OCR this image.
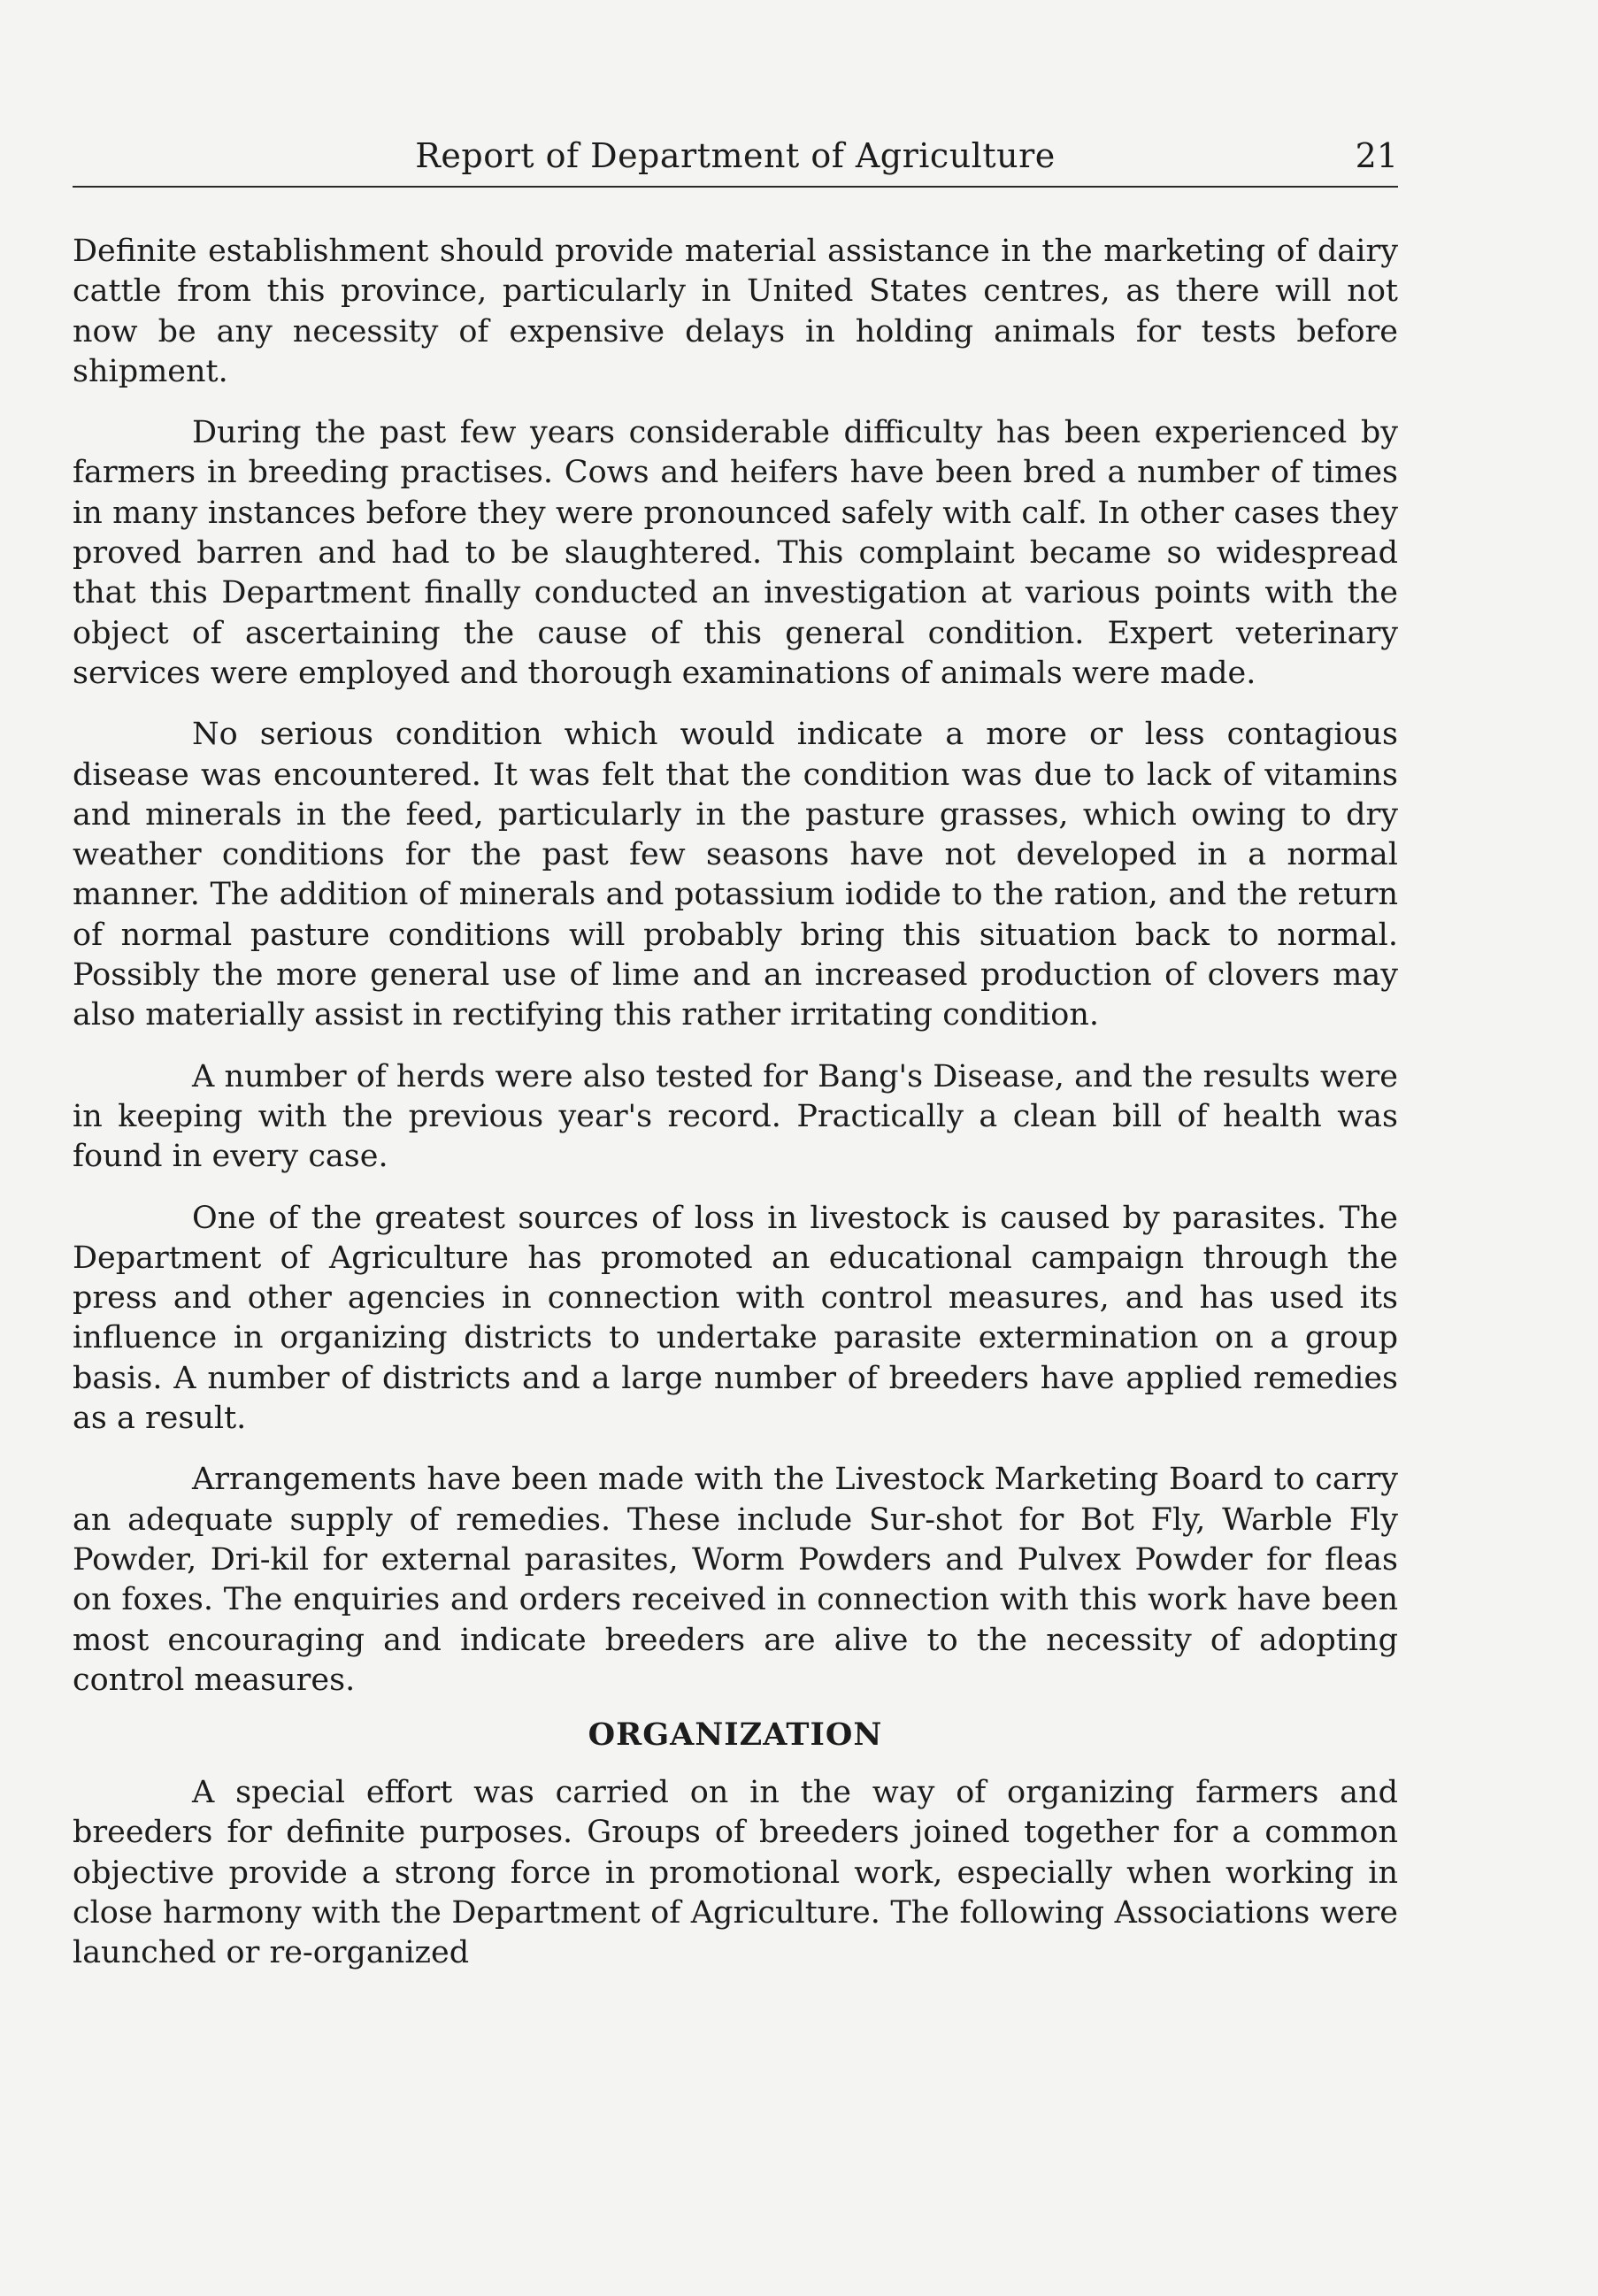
Report of Department of Agriculture	21

Definite establishment should provide material assistance in the marketing of dairy cattle from this province, particularly in United States centres, as there will not now be any necessity of expensive delays in holding animals for tests before shipment.

During the past few years considerable difficulty has been experienced by farmers in breeding practises. Cows and heifers have been bred a number of times in many instances before they were pronounced safely with calf. In other cases they proved barren and had to be slaughtered. This complaint became so widespread that this Department finally conducted an investigation at various points with the object of ascertaining the cause of this general condition. Expert veterinary services were employed and thorough examinations of animals were made.

No serious condition which would indicate a more or less contagious disease was encountered. It was felt that the condition was due to lack of vitamins and minerals in the feed, particularly in the pasture grasses, which owing to dry weather conditions for the past few seasons have not developed in a normal manner. The addition of minerals and potassium iodide to the ration, and the return of normal pasture conditions will probably bring this situation back to normal. Possibly the more general use of lime and an increased production of clovers may also materially assist in rectifying this rather irritating condition.

A number of herds were also tested for Bang's Disease, and the results were in keeping with the previous year's record. Practically a clean bill of health was found in every case.

One of the greatest sources of loss in livestock is caused by parasites. The Department of Agriculture has promoted an educational campaign through the press and other agencies in connection with control measures, and has used its influence in organizing districts to undertake parasite extermination on a group basis. A number of districts and a large number of breeders have applied remedies as a result.

Arrangements have been made with the Livestock Marketing Board to carry an adequate supply of remedies. These include Sur-shot for Bot Fly, Warble Fly Powder, Dri-kil for external parasites, Worm Powders and Pulvex Powder for fleas on foxes. The enquiries and orders received in connection with this work have been most encouraging and indicate breeders are alive to the necessity of adopting control measures.

ORGANIZATION

A special effort was carried on in the way of organizing farmers and breeders for definite purposes. Groups of breeders joined together for a common objective provide a strong force in promotional work, especially when working in close harmony with the Department of Agriculture. The following Associations were launched or re-organized
